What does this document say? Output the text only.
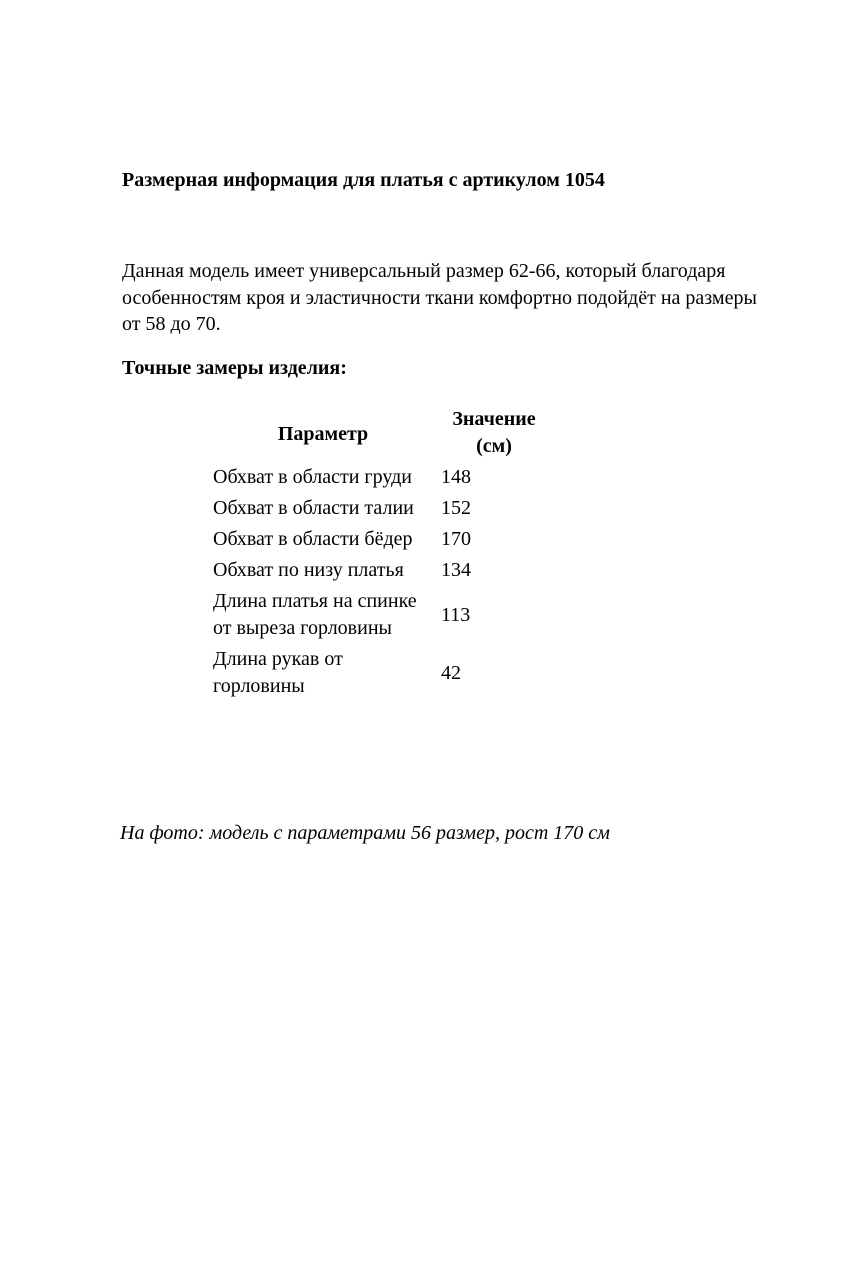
Размерная информация для платья с артикулом 1054
Данная модель имеет универсальный размер 62-66, который благодаря особенностям кроя и эластичности ткани комфортно подойдёт на размеры от 58 до 70.
Точные замеры изделия:
Параметр	Значение (см)
Обхват в области груди	148
Обхват в области талии	152
Обхват в области бёдер	170
Обхват по низу платья	134
Длина платья на спинке от выреза горловины	113
Длина рукав от горловины	42
На фото: модель с параметрами 56 размер, рост 170 см
